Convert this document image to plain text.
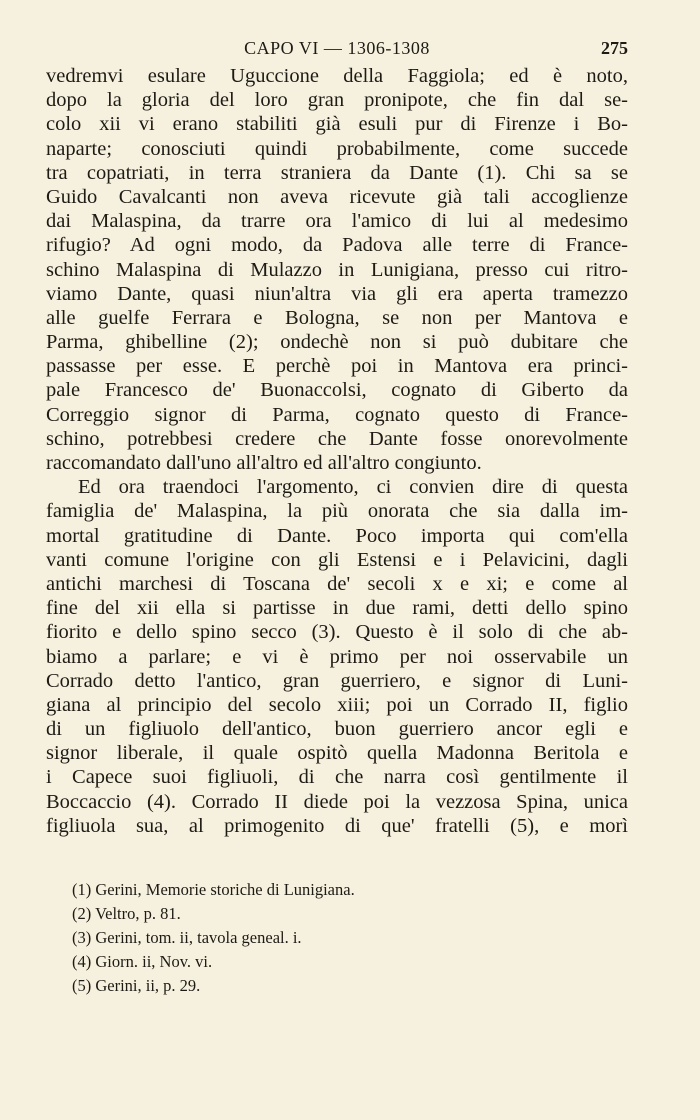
CAPO VI — 1306-1308	275
vedremvi esulare Uguccione della Faggiola; ed è noto,
dopo la gloria del loro gran pronipote, che fin dal se-
colo xii vi erano stabiliti già esuli pur di Firenze i Bo-
naparte; conosciuti quindi probabilmente, come succede
tra copatriati, in terra straniera da Dante (1). Chi sa se
Guido Cavalcanti non aveva ricevute già tali accoglienze
dai Malaspina, da trarre ora l'amico di lui al medesimo
rifugio? Ad ogni modo, da Padova alle terre di France-
schino Malaspina di Mulazzo in Lunigiana, presso cui ritro-
viamo Dante, quasi niun'altra via gli era aperta tramezzo
alle guelfe Ferrara e Bologna, se non per Mantova e
Parma, ghibelline (2); ondechè non si può dubitare che
passasse per esse. E perchè poi in Mantova era princi-
pale Francesco de' Buonaccolsi, cognato di Giberto da
Correggio signor di Parma, cognato questo di France-
schino, potrebbesi credere che Dante fosse onorevolmente
raccomandato dall'uno all'altro ed all'altro congiunto.
Ed ora traendoci l'argomento, ci convien dire di questa
famiglia de' Malaspina, la più onorata che sia dalla im-
mortal gratitudine di Dante. Poco importa qui com'ella
vanti comune l'origine con gli Estensi e i Pelavicini, dagli
antichi marchesi di Toscana de' secoli x e xi; e come al
fine del xii ella si partisse in due rami, detti dello spino
fiorito e dello spino secco (3). Questo è il solo di che ab-
biamo a parlare; e vi è primo per noi osservabile un
Corrado detto l'antico, gran guerriero, e signor di Luni-
giana al principio del secolo xiii; poi un Corrado II, figlio
di un figliuolo dell'antico, buon guerriero ancor egli e
signor liberale, il quale ospitò quella Madonna Beritola e
i Capece suoi figliuoli, di che narra così gentilmente il
Boccaccio (4). Corrado II diede poi la vezzosa Spina, unica
figliuola sua, al primogenito di que' fratelli (5), e morì
(1) Gerini, Memorie storiche di Lunigiana.
(2) Veltro, p. 81.
(3) Gerini, tom. ii, tavola geneal. i.
(4) Giorn. ii, Nov. vi.
(5) Gerini, ii, p. 29.
